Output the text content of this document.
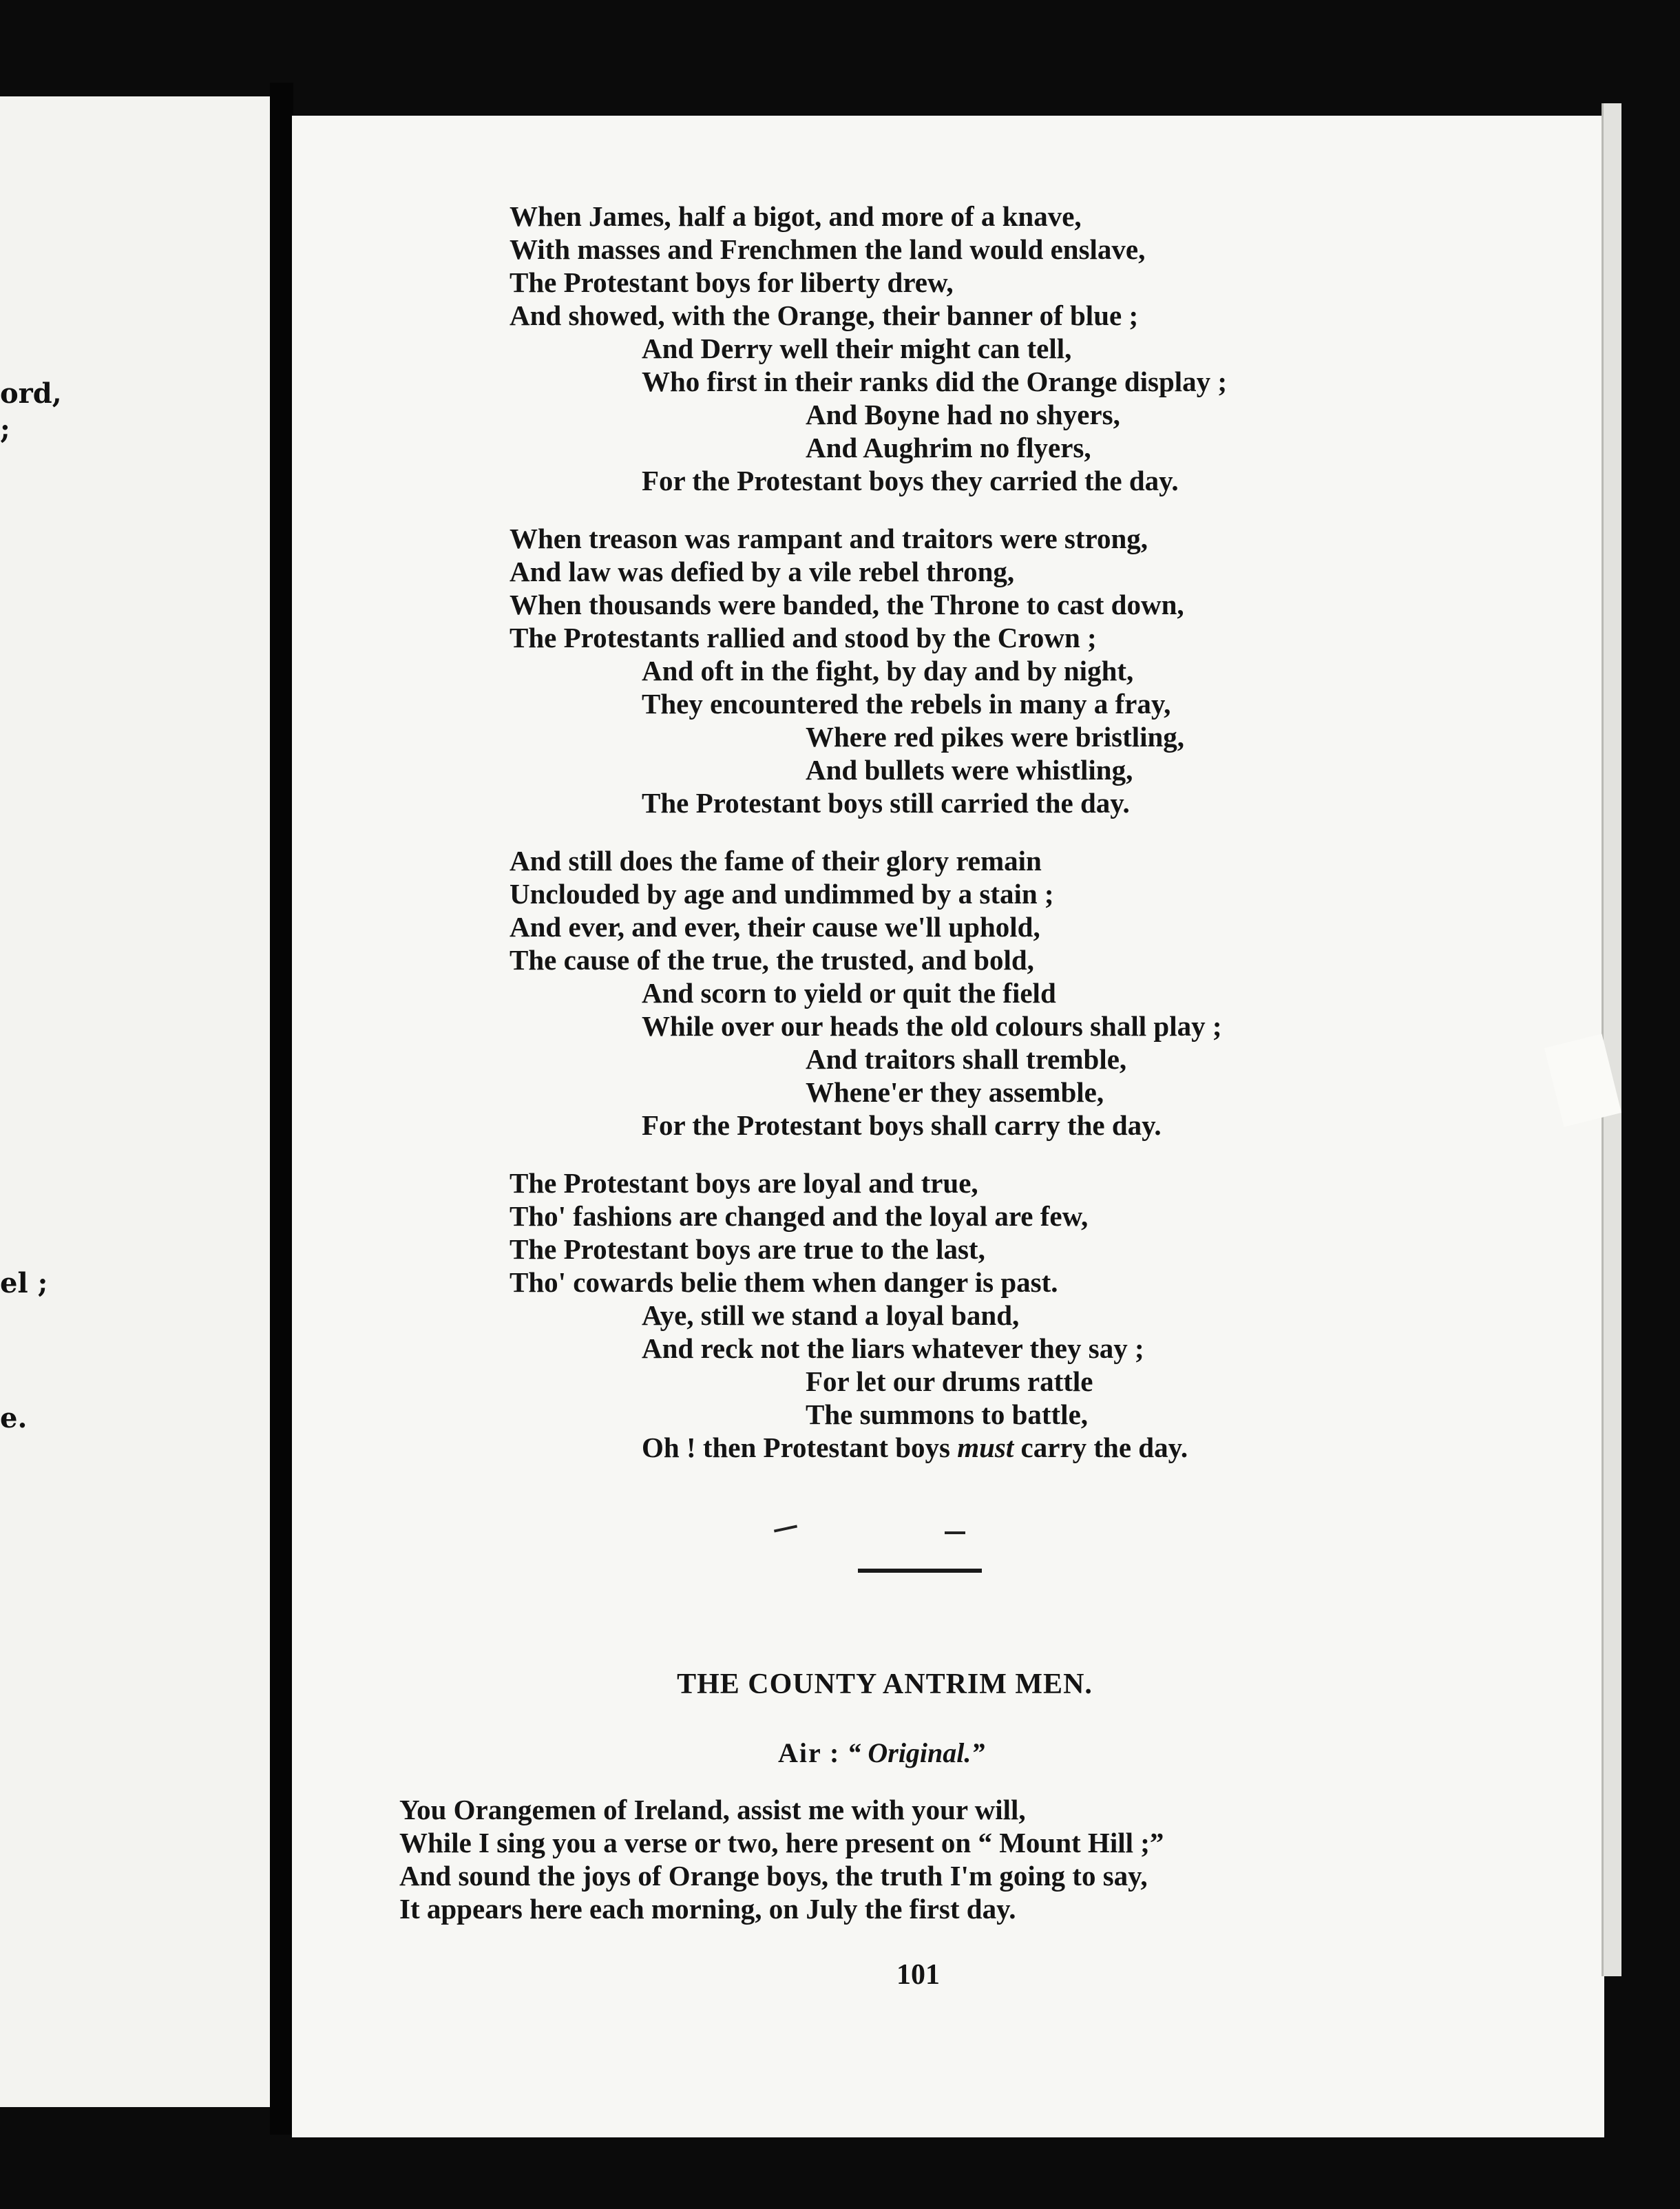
ord,
;
el ;
e.
When James, half a bigot, and more of a knave,
With masses and Frenchmen the land would enslave,
The Protestant boys for liberty drew,
And showed, with the Orange, their banner of blue ;
And Derry well their might can tell,
Who first in their ranks did the Orange display ;
And Boyne had no shyers,
And Aughrim no flyers,
For the Protestant boys they carried the day.
When treason was rampant and traitors were strong,
And law was defied by a vile rebel throng,
When thousands were banded, the Throne to cast down,
The Protestants rallied and stood by the Crown ;
And oft in the fight, by day and by night,
They encountered the rebels in many a fray,
Where red pikes were bristling,
And bullets were whistling,
The Protestant boys still carried the day.
And still does the fame of their glory remain
Unclouded by age and undimmed by a stain ;
And ever, and ever, their cause we'll uphold,
The cause of the true, the trusted, and bold,
And scorn to yield or quit the field
While over our heads the old colours shall play ;
And traitors shall tremble,
Whene'er they assemble,
For the Protestant boys shall carry the day.
The Protestant boys are loyal and true,
Tho' fashions are changed and the loyal are few,
The Protestant boys are true to the last,
Tho' cowards belie them when danger is past.
Aye, still we stand a loyal band,
And reck not the liars whatever they say ;
For let our drums rattle
The summons to battle,
Oh ! then Protestant boys must carry the day.
THE COUNTY ANTRIM MEN.
Air : “ Original.”
You Orangemen of Ireland, assist me with your will,
While I sing you a verse or two, here present on “ Mount Hill ;”
And sound the joys of Orange boys, the truth I'm going to say,
It appears here each morning, on July the first day.
101
